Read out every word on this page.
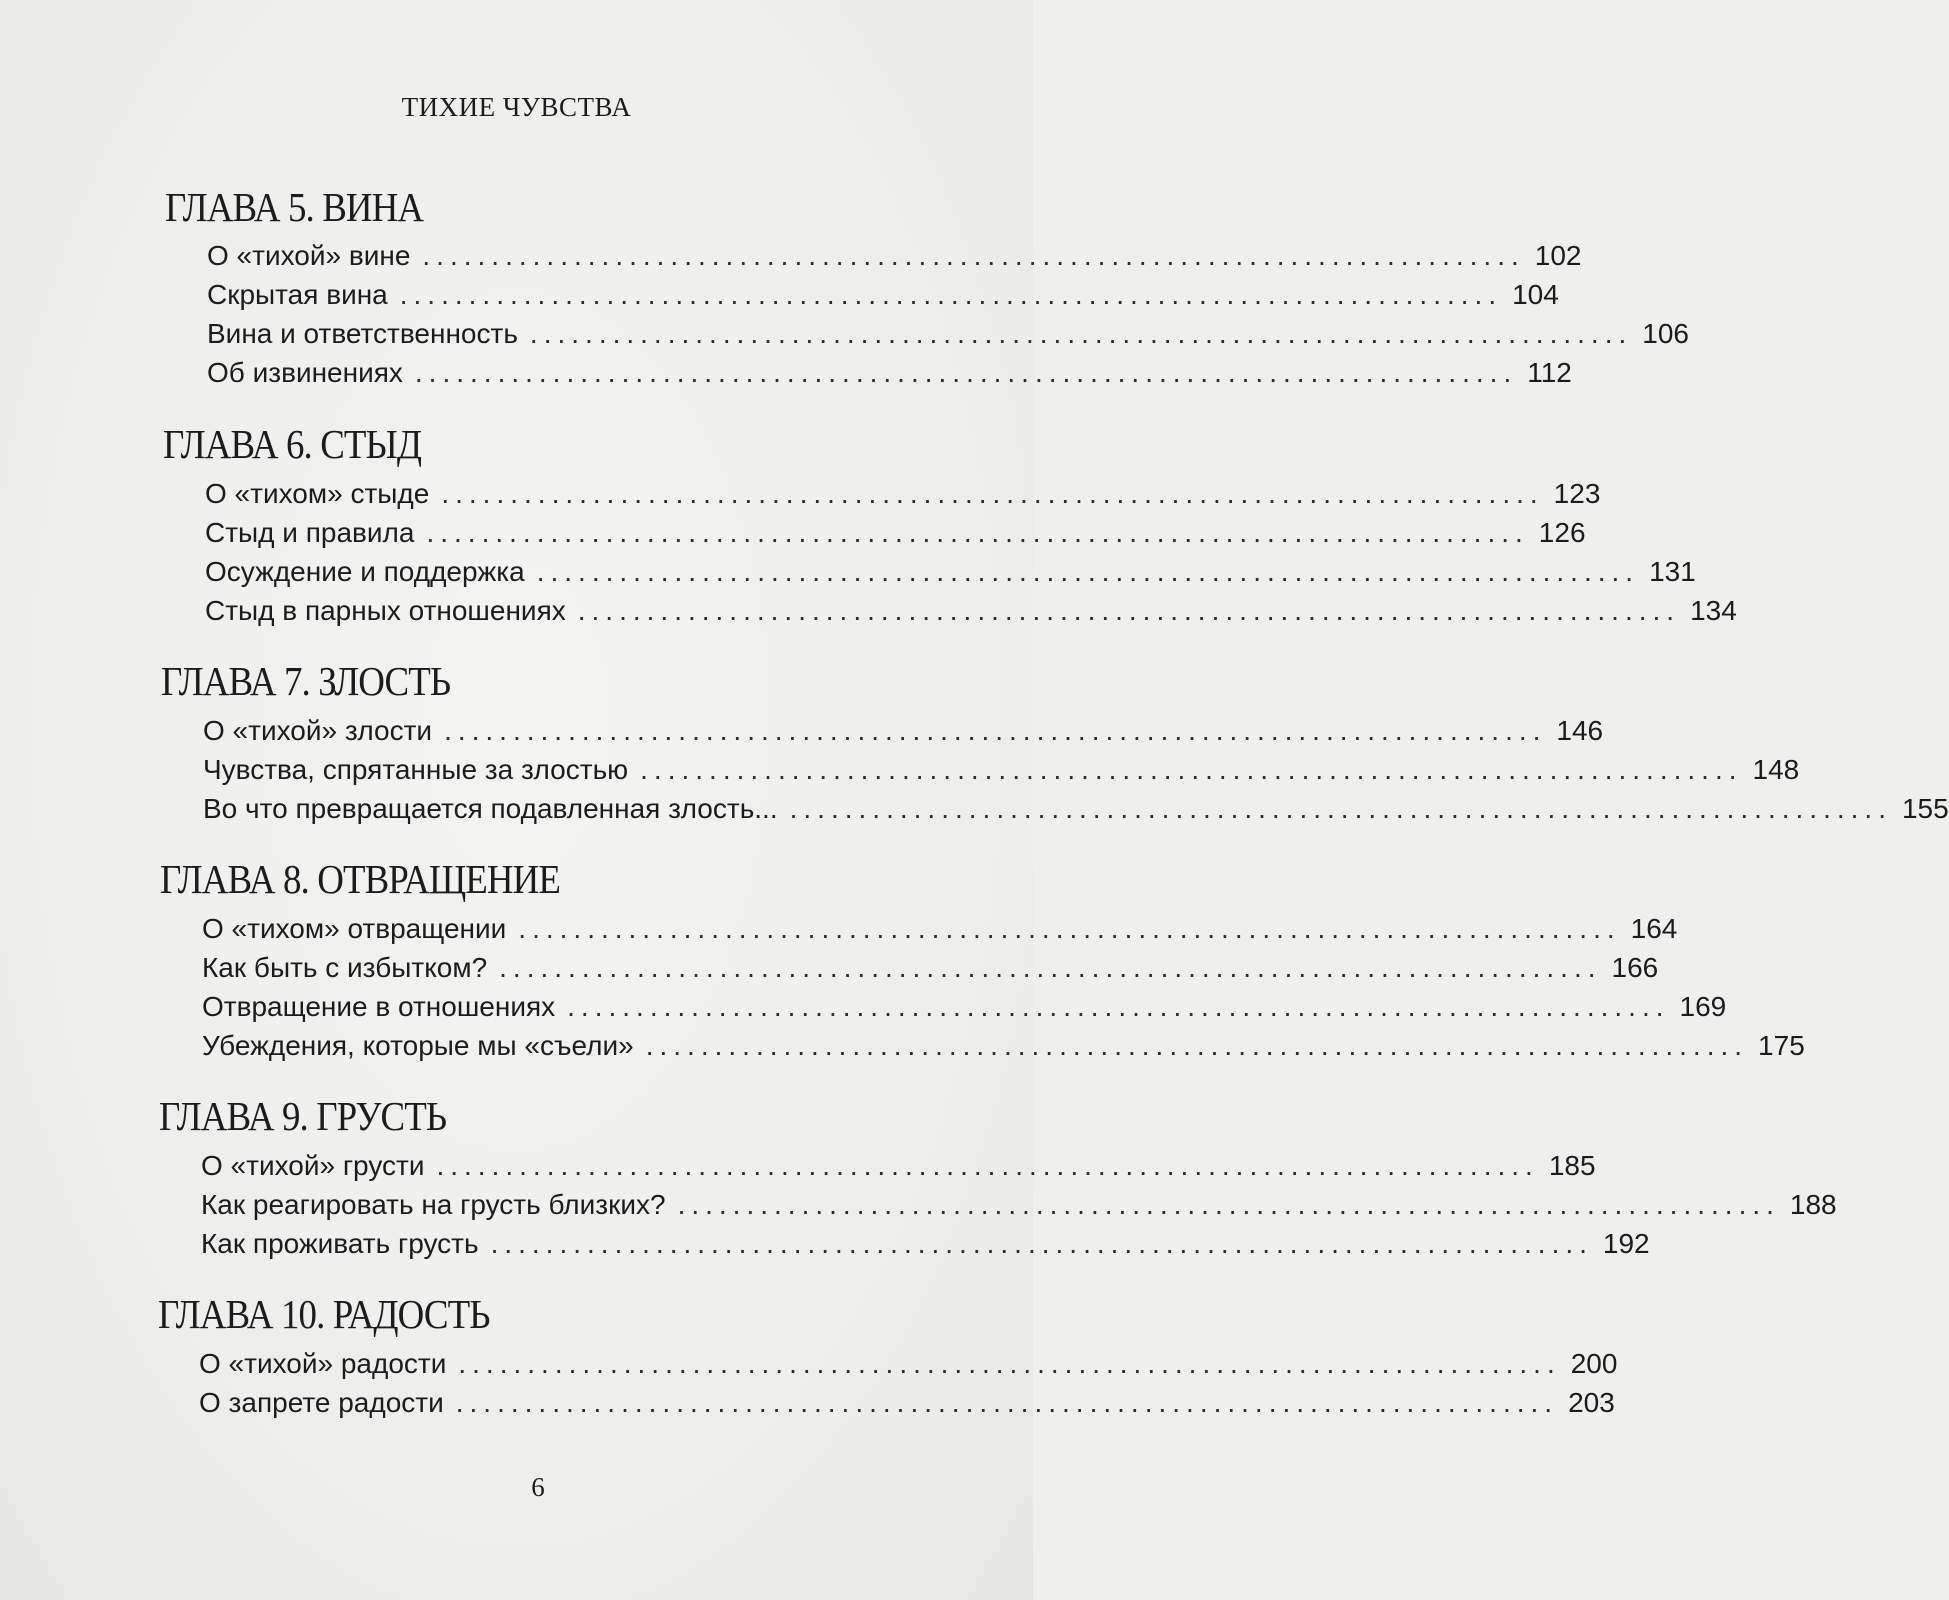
ТИХИЕ ЧУВСТВА
ГЛАВА 5. ВИНА
О «тихой» вине ................................................................................ 102
Скрытая вина ................................................................................ 104
Вина и ответственность ................................................................................ 106
Об извинениях ................................................................................ 112
ГЛАВА 6. СТЫД
О «тихом» стыде ................................................................................ 123
Стыд и правила ................................................................................ 126
Осуждение и поддержка ................................................................................ 131
Стыд в парных отношениях ................................................................................ 134
ГЛАВА 7. ЗЛОСТЬ
О «тихой» злости ................................................................................ 146
Чувства, спрятанные за злостью ................................................................................ 148
Во что превращается подавленная злость... ................................................................................ 155
ГЛАВА 8. ОТВРАЩЕНИЕ
О «тихом» отвращении ................................................................................ 164
Как быть с избытком? ................................................................................ 166
Отвращение в отношениях ................................................................................ 169
Убеждения, которые мы «съели» ................................................................................ 175
ГЛАВА 9. ГРУСТЬ
О «тихой» грусти ................................................................................ 185
Как реагировать на грусть близких? ................................................................................ 188
Как проживать грусть ................................................................................ 192
ГЛАВА 10. РАДОСТЬ
О «тихой» радости ................................................................................ 200
О запрете радости ................................................................................ 203
6
